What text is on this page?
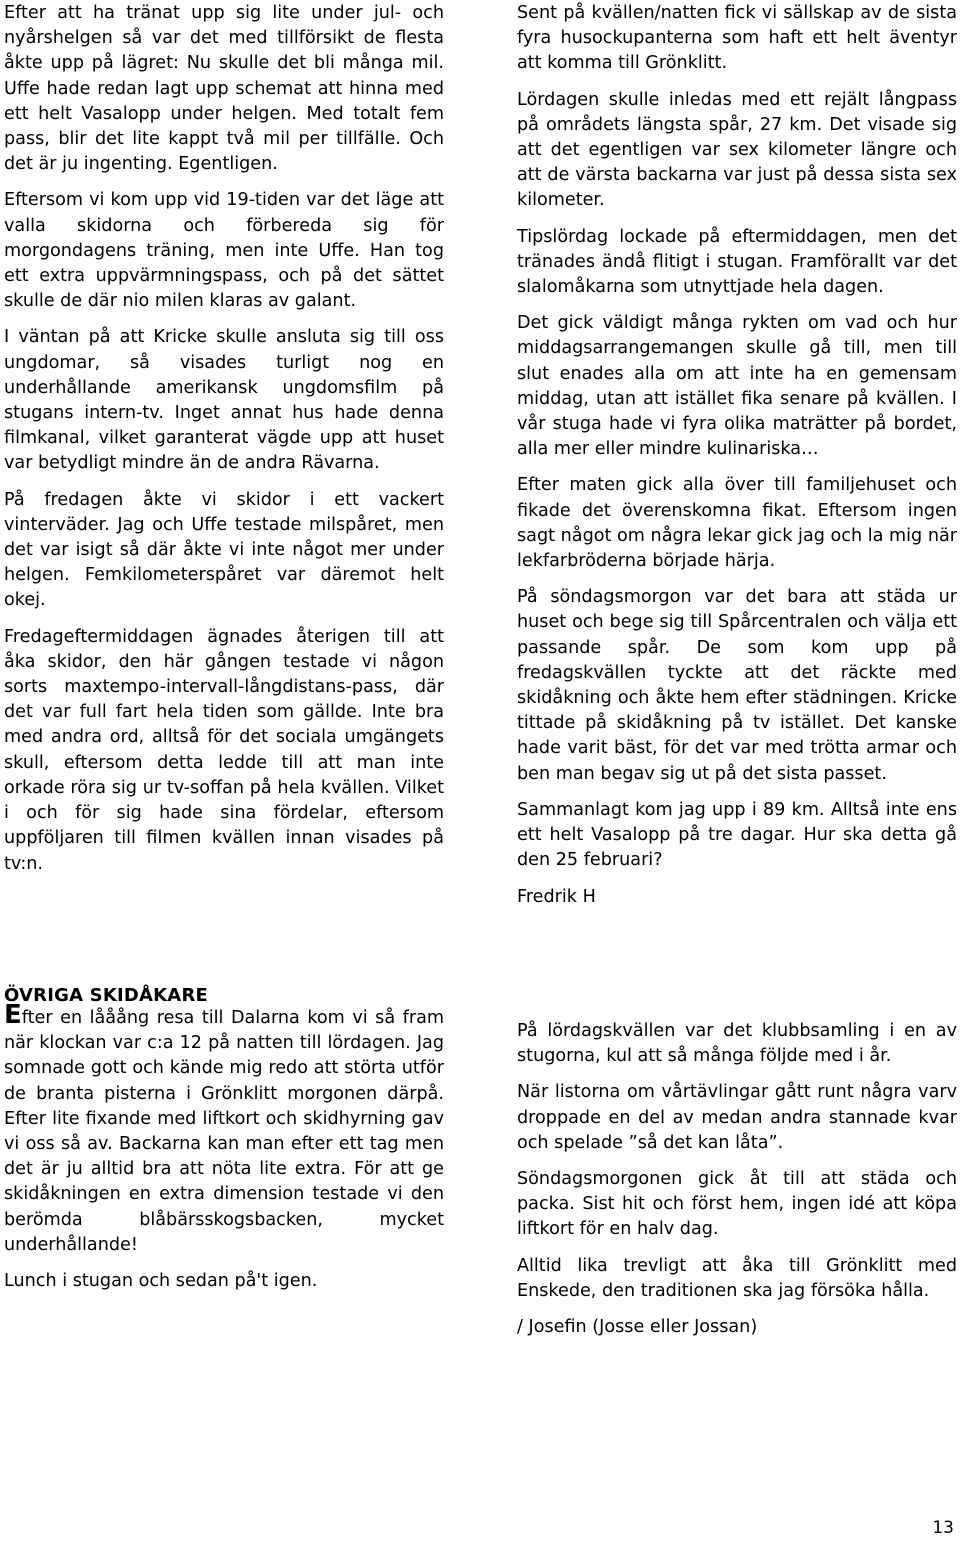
Efter att ha tränat upp sig lite under jul- och nyårshelgen så var det med tillförsikt de flesta åkte upp på lägret: Nu skulle det bli många mil. Uffe hade redan lagt upp schemat att hinna med ett helt Vasalopp under helgen. Med totalt fem pass, blir det lite kappt två mil per tillfälle. Och det är ju ingenting. Egentligen.

Eftersom vi kom upp vid 19-tiden var det läge att valla skidorna och förbereda sig för morgondagens träning, men inte Uffe. Han tog ett extra uppvärmningspass, och på det sättet skulle de där nio milen klaras av galant.

I väntan på att Kricke skulle ansluta sig till oss ungdomar, så visades turligt nog en underhållande amerikansk ungdomsfilm på stugans intern-tv. Inget annat hus hade denna filmkanal, vilket garanterat vägde upp att huset var betydligt mindre än de andra Rävarna.

På fredagen åkte vi skidor i ett vackert vinterväder. Jag och Uffe testade milspåret, men det var isigt så där åkte vi inte något mer under helgen. Femkilometerspåret var däremot helt okej.

Fredageftermiddagen ägnades återigen till att åka skidor, den här gången testade vi någon sorts maxtempo-intervall-långdistans-pass, där det var full fart hela tiden som gällde. Inte bra med andra ord, alltså för det sociala umgängets skull, eftersom detta ledde till att man inte orkade röra sig ur tv-soffan på hela kvällen. Vilket i och för sig hade sina fördelar, eftersom uppföljaren till filmen kvällen innan visades på tv:n.

Sent på kvällen/natten fick vi sällskap av de sista fyra husockupanterna som haft ett helt äventyr att komma till Grönklitt.

Lördagen skulle inledas med ett rejält långpass på områdets längsta spår, 27 km. Det visade sig att det egentligen var sex kilometer längre och att de värsta backarna var just på dessa sista sex kilometer.

Tipslördag lockade på eftermiddagen, men det tränades ändå flitigt i stugan. Framförallt var det slalomåkarna som utnyttjade hela dagen.

Det gick väldigt många rykten om vad och hur middagsarrangemangen skulle gå till, men till slut enades alla om att inte ha en gemensam middag, utan att istället fika senare på kvällen. I vår stuga hade vi fyra olika maträtter på bordet, alla mer eller mindre kulinariska…

Efter maten gick alla över till familjehuset och fikade det överenskomna fikat. Eftersom ingen sagt något om några lekar gick jag och la mig när lekfarbröderna började härja.

På söndagsmorgon var det bara att städa ur huset och bege sig till Spårcentralen och välja ett passande spår. De som kom upp på fredagskvällen tyckte att det räckte med skidåkning och åkte hem efter städningen. Kricke tittade på skidåkning på tv istället. Det kanske hade varit bäst, för det var med trötta armar och ben man begav sig ut på det sista passet.

Sammanlagt kom jag upp i 89 km. Alltså inte ens ett helt Vasalopp på tre dagar. Hur ska detta gå den 25 februari?

Fredrik H

ÖVRIGA SKIDÅKARE

Efter en lååång resa till Dalarna kom vi så fram när klockan var c:a 12 på natten till lördagen. Jag somnade gott och kände mig redo att störta utför de branta pisterna i Grönklitt morgonen därpå. Efter lite fixande med liftkort och skidhyrning gav vi oss så av. Backarna kan man efter ett tag men det är ju alltid bra att nöta lite extra. För att ge skidåkningen en extra dimension testade vi den berömda blåbärsskogsbacken, mycket underhållande!

Lunch i stugan och sedan på't igen.

På lördagskvällen var det klubbsamling i en av stugorna, kul att så många följde med i år.

När listorna om vårtävlingar gått runt några varv droppade en del av medan andra stannade kvar och spelade ”så det kan låta”.

Söndagsmorgonen gick åt till att städa och packa. Sist hit och först hem, ingen idé att köpa liftkort för en halv dag.

Alltid lika trevligt att åka till Grönklitt med Enskede, den traditionen ska jag försöka hålla.

/ Josefin (Josse eller Jossan)

13
